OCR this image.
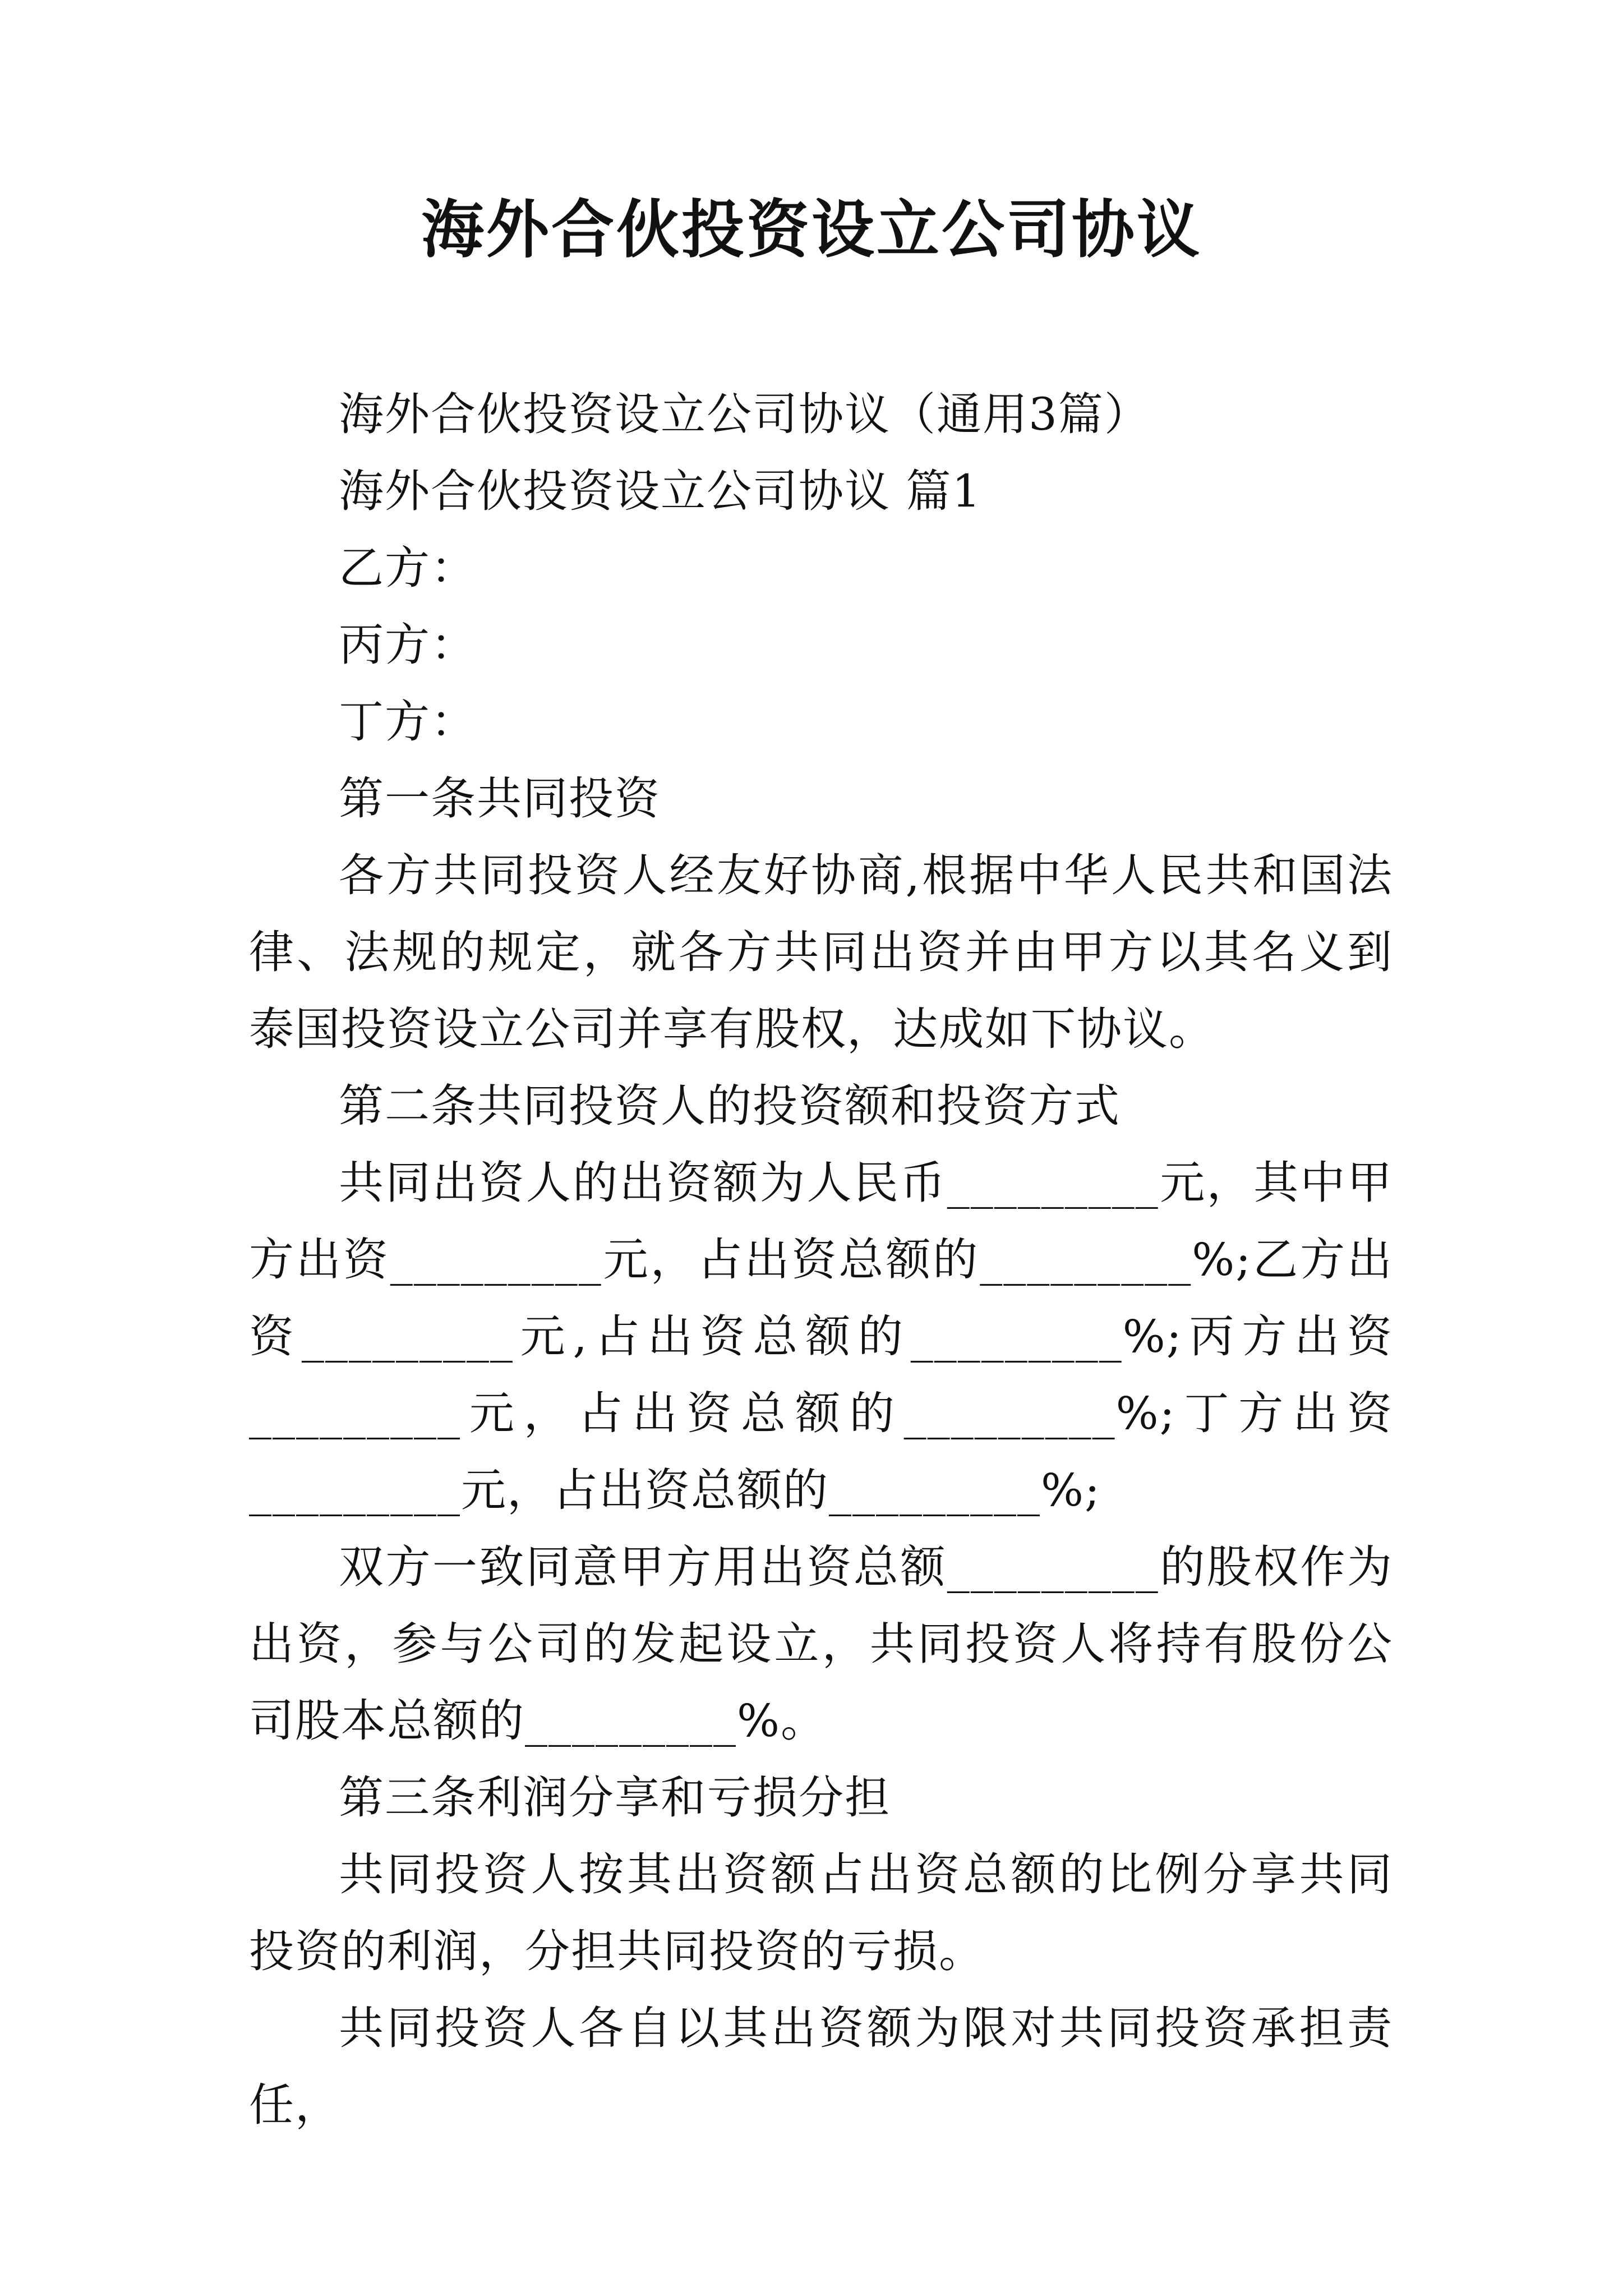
海外合伙投资设立公司协议

海外合伙投资设立公司协议（通用3篇）

海外合伙投资设立公司协议 篇1

乙方：

丙方：

丁方：

第一条共同投资

各方共同投资人经友好协商,根据中华人民共和国法律、法规的规定，就各方共同出资并由甲方以其名义到泰国投资设立公司并享有股权，达成如下协议。

第二条共同投资人的投资额和投资方式

共同出资人的出资额为人民币_________元，其中甲方出资_________元，占出资总额的_________%;乙方出资_________元,占出资总额的_________%;丙方出资_________元，占出资总额的_________%;丁方出资_________元，占出资总额的_________%;

双方一致同意甲方用出资总额_________的股权作为出资，参与公司的发起设立，共同投资人将持有股份公司股本总额的_________%。

第三条利润分享和亏损分担

共同投资人按其出资额占出资总额的比例分享共同投资的利润，分担共同投资的亏损。

共同投资人各自以其出资额为限对共同投资承担责任，
